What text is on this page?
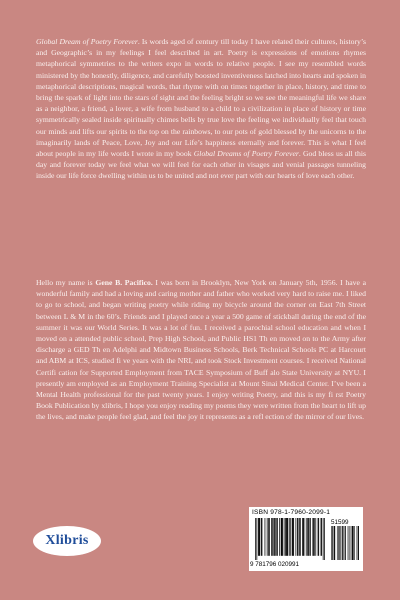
Global Dream of Poetry Forever. Is words aged of century till today I have related their cultures, history’s and Geographic’s in my feelings I feel described in art. Poetry is expressions of emotions rhymes metaphorical symmetries to the writers expo in words to relative people. I see my resembled words ministered by the honestly, diligence, and carefully boosted inventiveness latched into hearts and spoken in metaphorical descriptions, magical words, that rhyme with on times together in place, history, and time to bring the spark of light into the stars of sight and the feeling bright so we see the meaningful life we share as a neighbor, a friend, a lover, a wife from husband to a child to a civilization in place of history or time symmetrically sealed inside spiritually chimes bells by true love the feeling we individually feel that touch our minds and lifts our spirits to the top on the rainbows, to our pots of gold blessed by the unicorns to the imaginarily lands of Peace, Love, Joy and our Life’s happiness eternally and forever. This is what I feel about people in my life words I wrote in my book Global Dreams of Poetry Forever. God bless us all this day and forever today we feel what we will feel for each other in visages and venial passages tunneling inside our life force dwelling within us to be united and not ever part with our hearts of love each other.
Hello my name is Gene B. Pacifico. I was born in Brooklyn, New York on January 5th, 1956. I have a wonderful family and had a loving and caring mother and father who worked very hard to raise me. I liked to go to school, and began writing poetry while riding my bicycle around the corner on East 7th Street between L & M in the 60’s. Friends and I played once a year a 500 game of stickball during the end of the summer it was our World Series. It was a lot of fun. I received a parochial school education and when I moved on a attended public school, Prep High School, and Public HS1 Th en moved on to the Army after discharge a GED Th en Adelphi and Midtown Business Schools, Berk Technical Schools PC at Harcourt and ABM at ICS, studied fi ve years with the NRI, and took Stock Investment courses. I received National Certifi cation for Supported Employment from TACE Symposium of Buff alo State University at NYU. I presently am employed as an Employment Training Specialist at Mount Sinai Medical Center. I’ve been a Mental Health professional for the past twenty years. I enjoy writing Poetry, and this is my fi rst Poetry Book Publication by xlibris, I hope you enjoy reading my poems they were written from the heart to lift up the lives, and make people feel glad, and feel the joy it represents as a refl ection of the mirror of our lives.
Xlibris
ISBN 978-1-7960-2099-1
9 781796 020991
51599
